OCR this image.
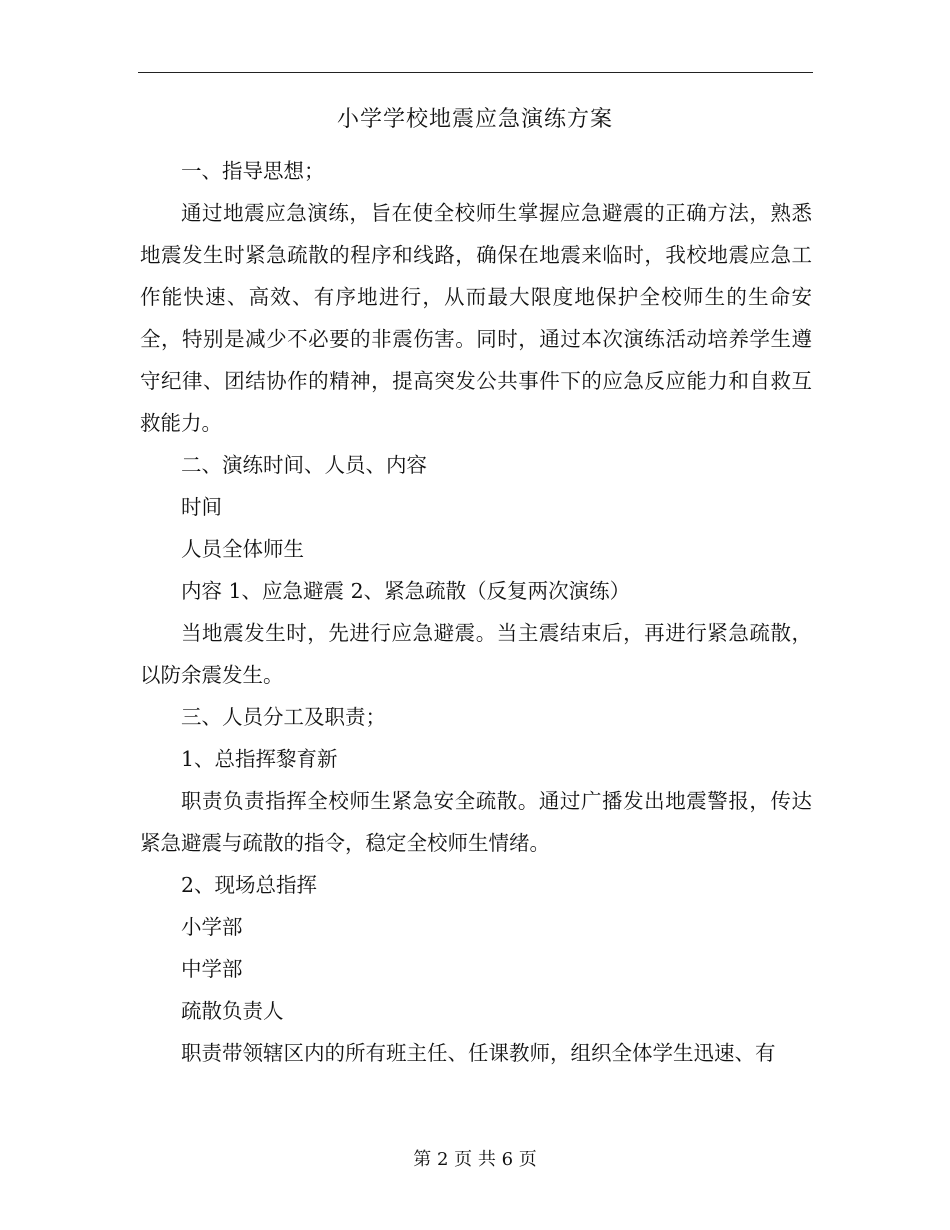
小学学校地震应急演练方案

一、指导思想；

通过地震应急演练，旨在使全校师生掌握应急避震的正确方法，熟悉地震发生时紧急疏散的程序和线路，确保在地震来临时，我校地震应急工作能快速、高效、有序地进行，从而最大限度地保护全校师生的生命安全，特别是减少不必要的非震伤害。同时，通过本次演练活动培养学生遵守纪律、团结协作的精神，提高突发公共事件下的应急反应能力和自救互救能力。

二、演练时间、人员、内容

时间

人员全体师生

内容 1、应急避震 2、紧急疏散（反复两次演练）

当地震发生时，先进行应急避震。当主震结束后，再进行紧急疏散，以防余震发生。

三、人员分工及职责；

1、总指挥黎育新

职责负责指挥全校师生紧急安全疏散。通过广播发出地震警报，传达紧急避震与疏散的指令，稳定全校师生情绪。

2、现场总指挥

小学部

中学部

疏散负责人

职责带领辖区内的所有班主任、任课教师，组织全体学生迅速、有

第 2 页 共 6 页
